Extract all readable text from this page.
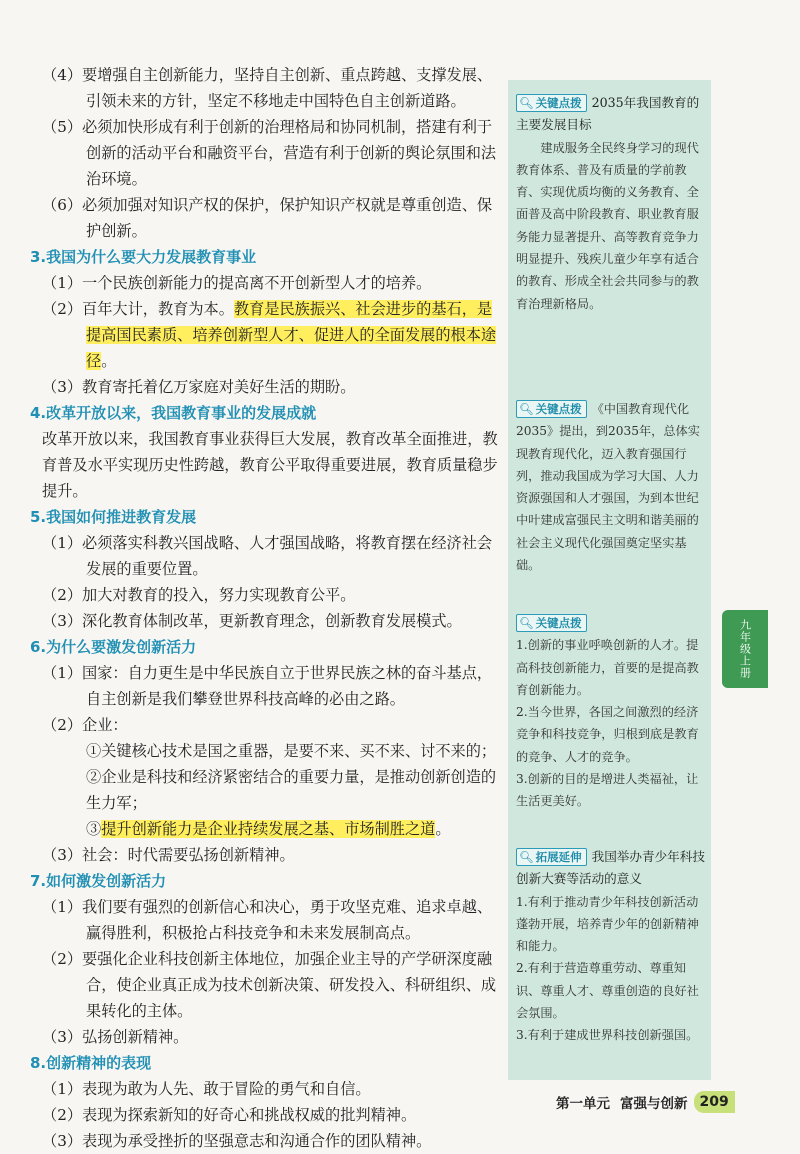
（4）要增强自主创新能力，坚持自主创新、重点跨越、支撑发展、引领未来的方针，坚定不移地走中国特色自主创新道路。
（5）必须加快形成有利于创新的治理格局和协同机制，搭建有利于创新的活动平台和融资平台，营造有利于创新的舆论氛围和法治环境。
（6）必须加强对知识产权的保护，保护知识产权就是尊重创造、保护创新。
3.我国为什么要大力发展教育事业
（1）一个民族创新能力的提高离不开创新型人才的培养。
（2）百年大计，教育为本。教育是民族振兴、社会进步的基石，是提高国民素质、培养创新型人才、促进人的全面发展的根本途径。
（3）教育寄托着亿万家庭对美好生活的期盼。
4.改革开放以来，我国教育事业的发展成就
改革开放以来，我国教育事业获得巨大发展，教育改革全面推进，教育普及水平实现历史性跨越，教育公平取得重要进展，教育质量稳步提升。
5.我国如何推进教育发展
（1）必须落实科教兴国战略、人才强国战略，将教育摆在经济社会发展的重要位置。
（2）加大对教育的投入，努力实现教育公平。
（3）深化教育体制改革，更新教育理念，创新教育发展模式。
6.为什么要激发创新活力
（1）国家：自力更生是中华民族自立于世界民族之林的奋斗基点，自主创新是我们攀登世界科技高峰的必由之路。
（2）企业：
①关键核心技术是国之重器，是要不来、买不来、讨不来的；
②企业是科技和经济紧密结合的重要力量，是推动创新创造的生力军；
③提升创新能力是企业持续发展之基、市场制胜之道。
（3）社会：时代需要弘扬创新精神。
7.如何激发创新活力
（1）我们要有强烈的创新信心和决心，勇于攻坚克难、追求卓越、赢得胜利，积极抢占科技竞争和未来发展制高点。
（2）要强化企业科技创新主体地位，加强企业主导的产学研深度融合，使企业真正成为技术创新决策、研发投入、科研组织、成果转化的主体。
（3）弘扬创新精神。
8.创新精神的表现
（1）表现为敢为人先、敢于冒险的勇气和自信。
（2）表现为探索新知的好奇心和挑战权威的批判精神。
（3）表现为承受挫折的坚强意志和沟通合作的团队精神。
🔍︎ 关键点拨 2035年我国教育的主要发展目标
建成服务全民终身学习的现代教育体系、普及有质量的学前教育、实现优质均衡的义务教育、全面普及高中阶段教育、职业教育服务能力显著提升、高等教育竞争力明显提升、残疾儿童少年享有适合的教育、形成全社会共同参与的教育治理新格局。
🔍︎ 关键点拨 《中国教育现代化2035》提出，到2035年，总体实现教育现代化，迈入教育强国行列，推动我国成为学习大国、人力资源强国和人才强国，为到本世纪中叶建成富强民主文明和谐美丽的社会主义现代化强国奠定坚实基础。
🔍︎ 关键点拨
1.创新的事业呼唤创新的人才。提高科技创新能力，首要的是提高教育创新能力。
2.当今世界，各国之间激烈的经济竞争和科技竞争，归根到底是教育的竞争、人才的竞争。
3.创新的目的是增进人类福祉，让生活更美好。
🔍︎ 拓展延伸 我国举办青少年科技创新大赛等活动的意义
1.有利于推动青少年科技创新活动蓬勃开展，培养青少年的创新精神和能力。
2.有利于营造尊重劳动、尊重知识、尊重人才、尊重创造的良好社会氛围。
3.有利于建成世界科技创新强国。
九年级上册
第一单元 富强与创新 209
